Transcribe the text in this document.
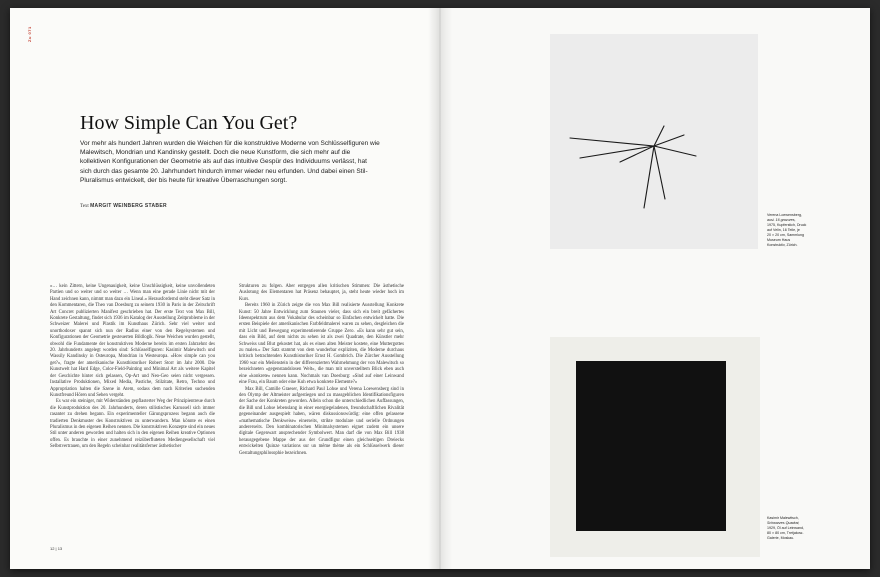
Zu 071
How Simple Can You Get?

Vor mehr als hundert Jahren wurden die Weichen für die konstruktive Moderne von Schlüsselfiguren wie Malewitsch, Mondrian und Kandinsky gestellt. Doch die neue Kunstform, die sich mehr auf die kollektiven Konfigurationen der Geometrie als auf das intuitive Gespür des Individuums verlässt, hat sich durch das gesamte 20. Jahrhundert hindurch immer wieder neu erfunden. Und dabei einen Stil-Pluralismus entwickelt, der bis heute für kreative Überraschungen sorgt.

Text MARGIT WEINBERG STABER

«… kein Zittern, keine Ungenauigkeit, keine Unschlüssigkeit, keine unvollendeten Partien und so weiter und so weiter … Wenn man eine gerade Linie nicht mit der Hand zeichnen kann, nimmt man dazu ein Lineal.» Herausfordernd steht dieser Satz in den Kommentaren, die Theo van Doesburg zu seinem 1930 in Paris in der Zeitschrift Art Concret publizierten Manifest geschrieben hat. Der erste Text von Max Bill, Konkrete Gestaltung, findet sich 1936 im Katalog der Ausstellung Zeitprobleme in der Schweizer Malerei und Plastik im Kunsthaus Zürich. Sehr viel weiter und unorthodoxer spannt sich nun der Radius einer von den Regelsystemen und Konfigurationen der Geometrie gesteuerten Bildlogik. Neue Weichen wurden gestellt, obwohl die Fundamente der konstruktiven Moderne bereits im ersten Jahrzehnt des 20. Jahrhunderts angelegt worden sind: Schlüsselfiguren: Kasimir Malewitsch und Wassily Kandinsky in Osteuropa, Mondrian in Westeuropa. «How simple can you get?», fragte der amerikanische Kunsthistoriker Robert Storr im Jahr 2000. Die Kunstwelt hat Hard Edge, Color-Field-Painting und Minimal Art als weitere Kapitel der Geschichte hinter sich gelassen, Op-Art und Neo-Geo seien nicht vergessen. Installative Produktionen, Mixed Media, Pastiche, Stilzitate, Retro, Techno und Appropriation halten die Szene in Atem, sodass dem nach Kriterien suchenden Kunstfreund Hören und Sehen vergeht.

Es war ein steiniger, mit Widerständen gepflasterter Weg der Prinzipientreue durch die Kunstproduktion des 20. Jahrhunderts, deren stilistisches Karussell sich immer rasanter zu drehen begann. Ein experimenteller Gärungsprozess begann auch die tradierten Denkmuster des Konstruktiven zu unterwandern. Man könnte es einen Pluralismus in den eigenen Reihen nennen. Die konstruktiven Konzepte sind ein neues Stil unter anderen geworden und halten sich in den eigenen Reihen kreative Optionen offen. Es brauchte in einer zunehmend reizüberfluteten Mediengesellschaft viel Selbstvertrauen, um den Regeln scheinbar realitätsferner ästhetischer

Strukturen zu folgen. Aber entgegen allen kritischen Stimmen: Die ästhetische Auslotung des Elementaren hat Präsenz behauptet, ja, steht heute wieder hoch im Kurs.

Bereits 1960 in Zürich zeigte die von Max Bill realisierte Ausstellung Konkrete Kunst: 50 Jahre Entwicklung zum Staunen vieler, dass sich ein breit gefächertes Ideenspektrum aus dem Vokabular des scheinbar so Einfachen entwickelt hatte. Die ersten Beispiele der amerikanischen Farbfeldmalerei waren zu sehen, desgleichen die mit Licht und Bewegung experimentierende Gruppe Zero. «Es kann sehr gut sein, dass ein Bild, auf dem nichts zu sehen ist als zwei Quadrate, den Künstler mehr Schweiss und Blut gekostet hat, als es einen alten Meister kostete, eine Muttergottes zu malen.» Der Satz stammt von dem wunderbar expliziten, die Moderne durchaus kritisch betrachtenden Kunsthistoriker Ernst H. Gombrich. Die Zürcher Ausstellung 1960 war ein Meilenstein in der differenzierten Wahrnehmung der von Malewitsch so bezeichneten «gegenstandslosen Welt», die man mit unverstelltem Blick eben auch eine «konkrete» nennen kann. Nochmals van Doesburg: «Sind auf einer Leinwand eine Frau, ein Baum oder eine Kuh etwa konkrete Elemente?»

Max Bill, Camille Graeser, Richard Paul Lohse und Verena Loewensberg sind in den Olymp der Altmeister aufgestiegen und zu massgeblichen Identifikationsfiguren der Sache der Konkreten geworden. Allein schon die unterschiedlichen Auffassungen, die Bill und Lohse lebenslang in einer energiegeladenen, freundschaftlichen Rivalität gegeneinander ausgespielt haben, wären diskussionswürdig: eine offen gelassene «mathematische Denkweise» einerseits, strikte modulare und serielle Ordnungen andererseits. Den kombinatorischen Minimalsystemen eignet zudem ein unsere digitale Gegenwart ansprechender Symbolwert. Man darf die von Max Bill 1938 herausgegebene Mappe der aus der Grundfigur einen gleichseitigen Dreiecks entwickelten Quinze variations sur un même thème als ein Schlüsselwerk dieser Gestaltungsphilosophie bezeichnen.

12 | 13
Verena Loewensberg,
ausi. 16 gravures,
1975, Kupferstich, Druck
auf Velin, 16 Teile, je
20 × 20 cm, Sammlung
Museum Haus
Konstruktiv, Zürich.
Kasimir Malewitsch,
Schwarzes Quadrat,
1929, Öl auf Leinwand,
80 × 80 cm, Tretjakow-
Galerie, Moskau.
